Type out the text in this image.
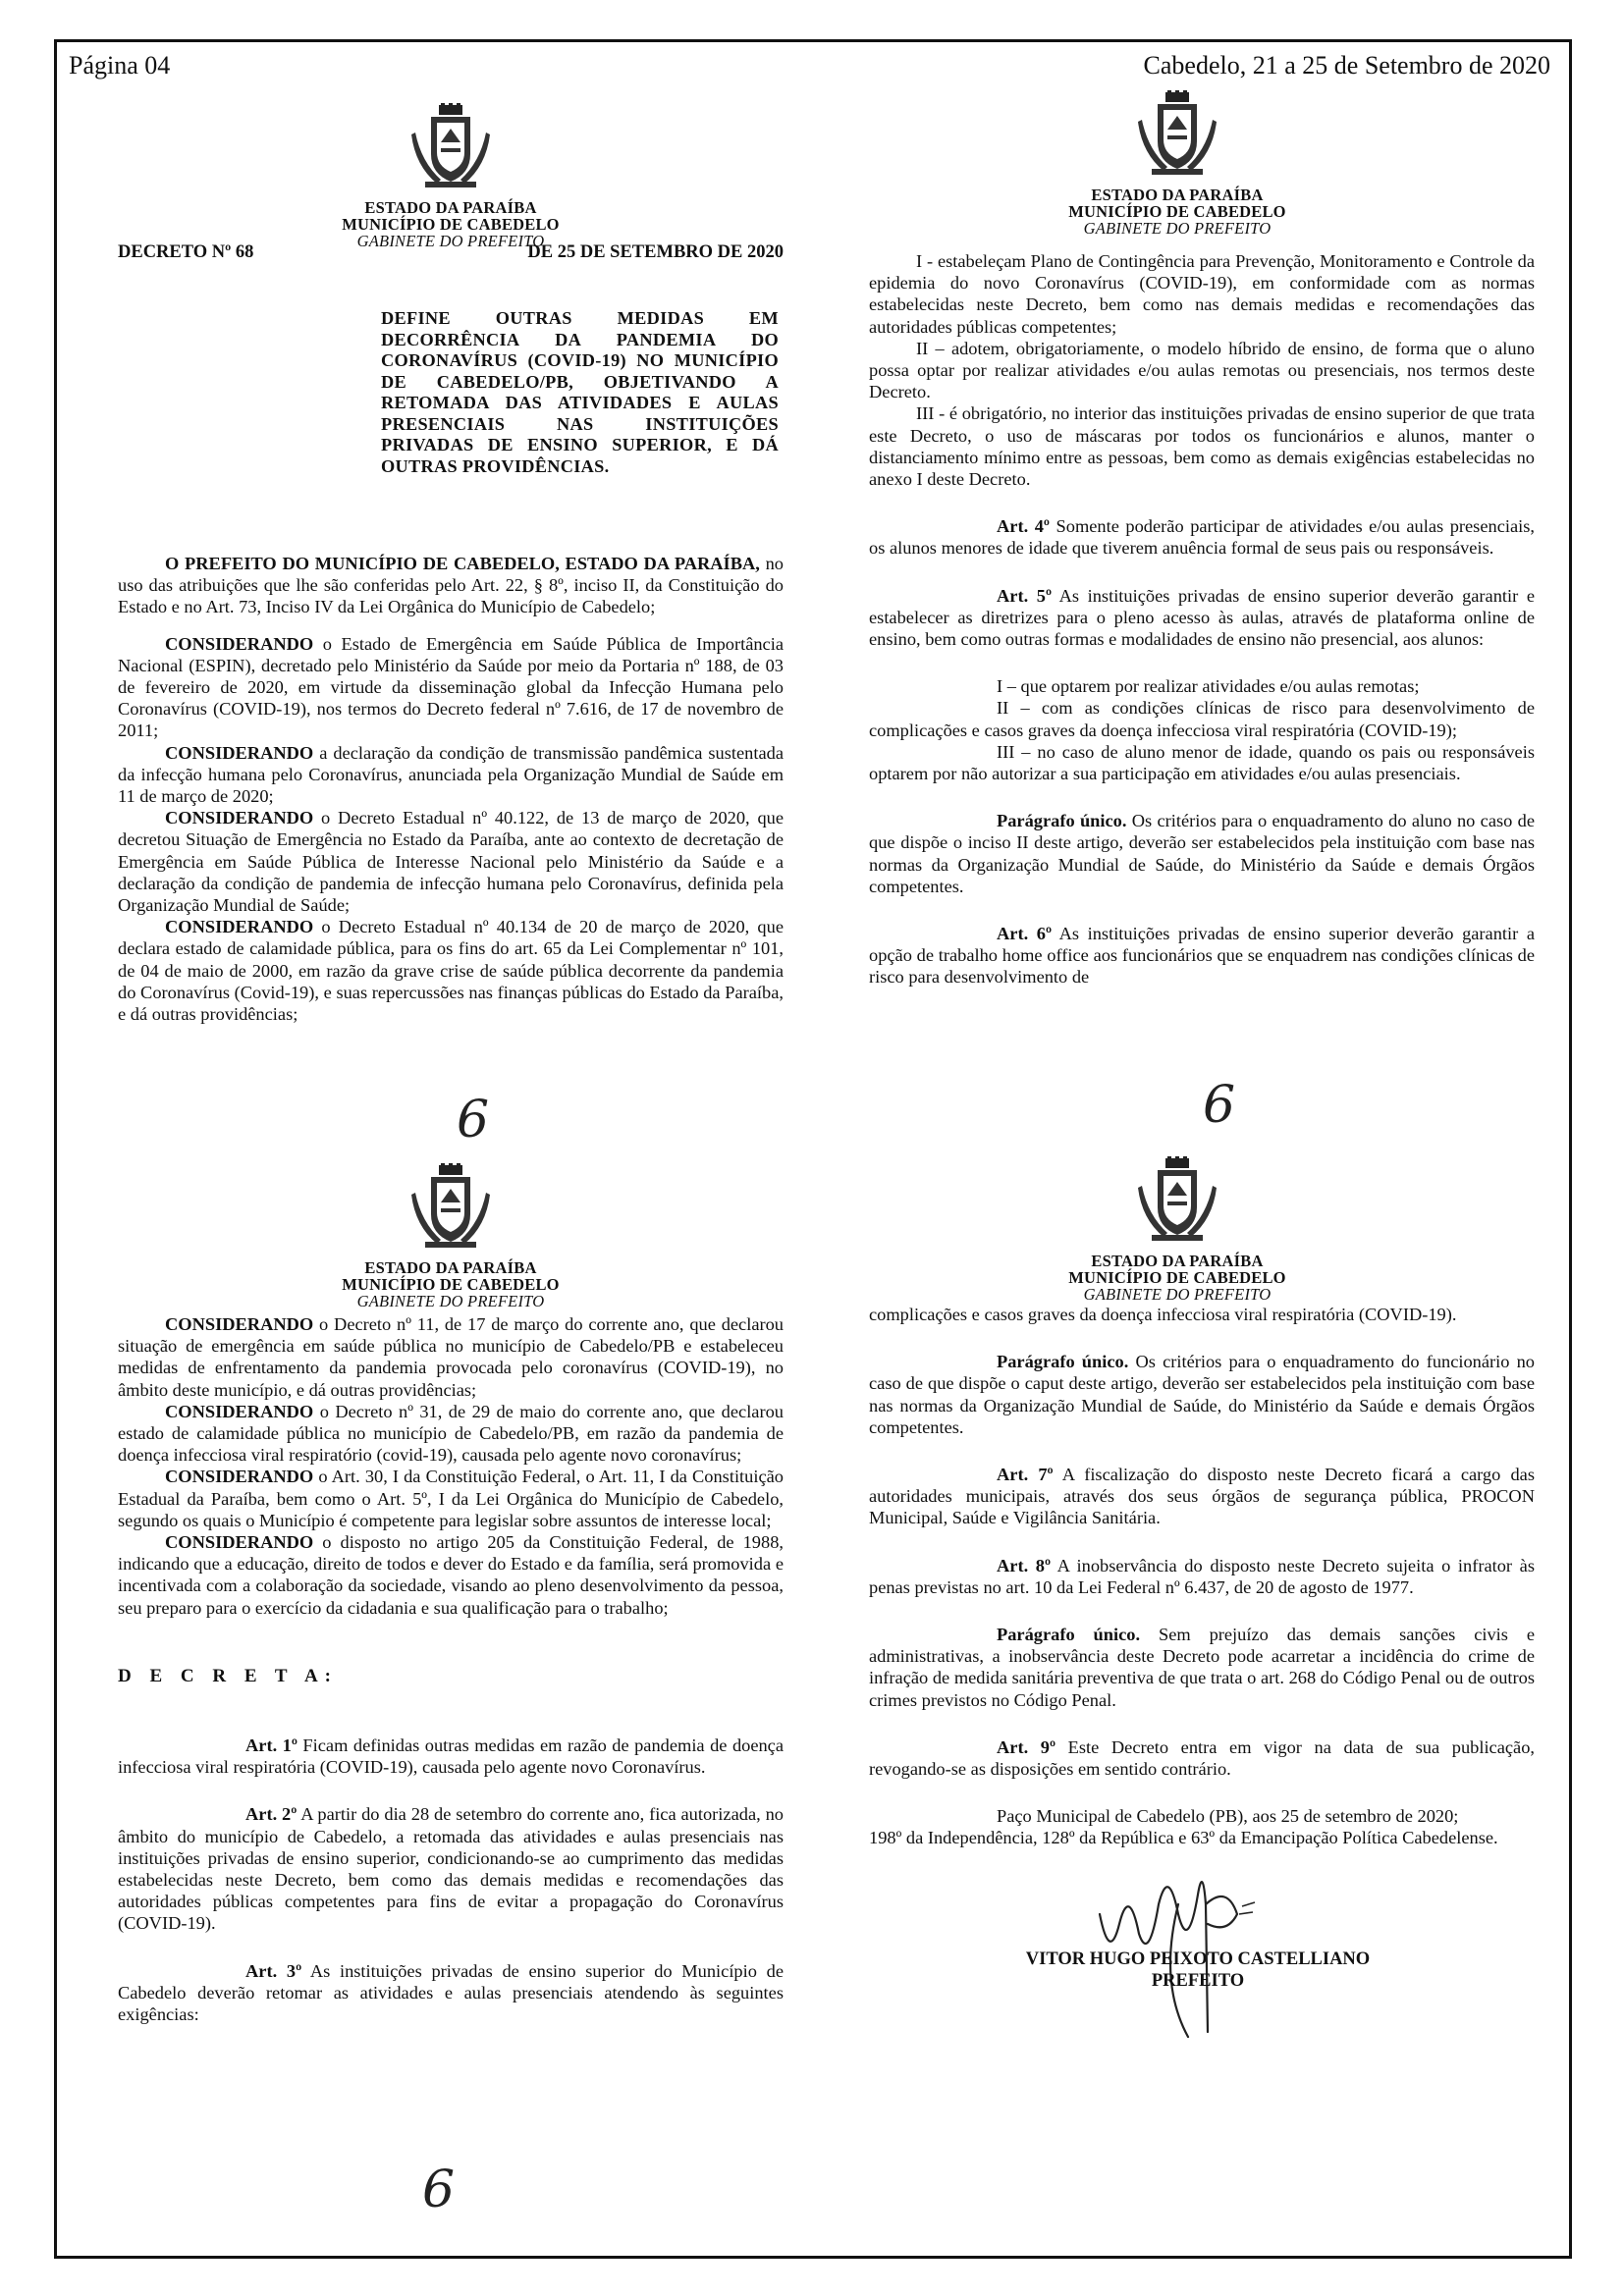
Página 04	Cabedelo, 21 a 25 de Setembro de 2020
ESTADO DA PARAÍBA
MUNICÍPIO DE CABEDELO
GABINETE DO PREFEITO
DECRETO Nº 68	DE 25 DE SETEMBRO DE 2020
DEFINE OUTRAS MEDIDAS EM DECORRÊNCIA DA PANDEMIA DO CORONAVÍRUS (COVID-19) NO MUNICÍPIO DE CABEDELO/PB, OBJETIVANDO A RETOMADA DAS ATIVIDADES E AULAS PRESENCIAIS NAS INSTITUIÇÕES PRIVADAS DE ENSINO SUPERIOR, E DÁ OUTRAS PROVIDÊNCIAS.

O PREFEITO DO MUNICÍPIO DE CABEDELO, ESTADO DA PARAÍBA, no uso das atribuições que lhe são conferidas pelo Art. 22, § 8º, inciso II, da Constituição do Estado e no Art. 73, Inciso IV da Lei Orgânica do Município de Cabedelo;

CONSIDERANDO o Estado de Emergência em Saúde Pública de Importância Nacional (ESPIN), decretado pelo Ministério da Saúde por meio da Portaria nº 188, de 03 de fevereiro de 2020, em virtude da disseminação global da Infecção Humana pelo Coronavírus (COVID-19), nos termos do Decreto federal nº 7.616, de 17 de novembro de 2011;

CONSIDERANDO a declaração da condição de transmissão pandêmica sustentada da infecção humana pelo Coronavírus, anunciada pela Organização Mundial de Saúde em 11 de março de 2020;

CONSIDERANDO o Decreto Estadual nº 40.122, de 13 de março de 2020, que decretou Situação de Emergência no Estado da Paraíba, ante ao contexto de decretação de Emergência em Saúde Pública de Interesse Nacional pelo Ministério da Saúde e a declaração da condição de pandemia de infecção humana pelo Coronavírus, definida pela Organização Mundial de Saúde;

CONSIDERANDO o Decreto Estadual nº 40.134 de 20 de março de 2020, que declara estado de calamidade pública, para os fins do art. 65 da Lei Complementar nº 101, de 04 de maio de 2000, em razão da grave crise de saúde pública decorrente da pandemia do Coronavírus (Covid-19), e suas repercussões nas finanças públicas do Estado da Paraíba, e dá outras providências;

6
ESTADO DA PARAÍBA
MUNICÍPIO DE CABEDELO
GABINETE DO PREFEITO

CONSIDERANDO o Decreto nº 11, de 17 de março do corrente ano, que declarou situação de emergência em saúde pública no município de Cabedelo/PB e estabeleceu medidas de enfrentamento da pandemia provocada pelo coronavírus (COVID-19), no âmbito deste município, e dá outras providências;

CONSIDERANDO o Decreto nº 31, de 29 de maio do corrente ano, que declarou estado de calamidade pública no município de Cabedelo/PB, em razão da pandemia de doença infecciosa viral respiratório (covid-19), causada pelo agente novo coronavírus;

CONSIDERANDO o Art. 30, I da Constituição Federal, o Art. 11, I da Constituição Estadual da Paraíba, bem como o Art. 5º, I da Lei Orgânica do Município de Cabedelo, segundo os quais o Município é competente para legislar sobre assuntos de interesse local;

CONSIDERANDO o disposto no artigo 205 da Constituição Federal, de 1988, indicando que a educação, direito de todos e dever do Estado e da família, será promovida e incentivada com a colaboração da sociedade, visando ao pleno desenvolvimento da pessoa, seu preparo para o exercício da cidadania e sua qualificação para o trabalho;

D E C R E T A:

Art. 1º Ficam definidas outras medidas em razão de pandemia de doença infecciosa viral respiratória (COVID-19), causada pelo agente novo Coronavírus.

Art. 2º A partir do dia 28 de setembro do corrente ano, fica autorizada, no âmbito do município de Cabedelo, a retomada das atividades e aulas presenciais nas instituições privadas de ensino superior, condicionando-se ao cumprimento das medidas estabelecidas neste Decreto, bem como das demais medidas e recomendações das autoridades públicas competentes para fins de evitar a propagação do Coronavírus (COVID-19).

Art. 3º As instituições privadas de ensino superior do Município de Cabedelo deverão retomar as atividades e aulas presenciais atendendo às seguintes exigências:

6
ESTADO DA PARAÍBA
MUNICÍPIO DE CABEDELO
GABINETE DO PREFEITO

I - estabeleçam Plano de Contingência para Prevenção, Monitoramento e Controle da epidemia do novo Coronavírus (COVID-19), em conformidade com as normas estabelecidas neste Decreto, bem como nas demais medidas e recomendações das autoridades públicas competentes;

II – adotem, obrigatoriamente, o modelo híbrido de ensino, de forma que o aluno possa optar por realizar atividades e/ou aulas remotas ou presenciais, nos termos deste Decreto.

III - é obrigatório, no interior das instituições privadas de ensino superior de que trata este Decreto, o uso de máscaras por todos os funcionários e alunos, manter o distanciamento mínimo entre as pessoas, bem como as demais exigências estabelecidas no anexo I deste Decreto.

Art. 4º Somente poderão participar de atividades e/ou aulas presenciais, os alunos menores de idade que tiverem anuência formal de seus pais ou responsáveis.

Art. 5º As instituições privadas de ensino superior deverão garantir e estabelecer as diretrizes para o pleno acesso às aulas, através de plataforma online de ensino, bem como outras formas e modalidades de ensino não presencial, aos alunos:

I – que optarem por realizar atividades e/ou aulas remotas;

II – com as condições clínicas de risco para desenvolvimento de complicações e casos graves da doença infecciosa viral respiratória (COVID-19);

III – no caso de aluno menor de idade, quando os pais ou responsáveis optarem por não autorizar a sua participação em atividades e/ou aulas presenciais.

Parágrafo único. Os critérios para o enquadramento do aluno no caso de que dispõe o inciso II deste artigo, deverão ser estabelecidos pela instituição com base nas normas da Organização Mundial de Saúde, do Ministério da Saúde e demais Órgãos competentes.

Art. 6º As instituições privadas de ensino superior deverão garantir a opção de trabalho home office aos funcionários que se enquadrem nas condições clínicas de risco para desenvolvimento de

6
ESTADO DA PARAÍBA
MUNICÍPIO DE CABEDELO
GABINETE DO PREFEITO

complicações e casos graves da doença infecciosa viral respiratória (COVID-19).

Parágrafo único. Os critérios para o enquadramento do funcionário no caso de que dispõe o caput deste artigo, deverão ser estabelecidos pela instituição com base nas normas da Organização Mundial de Saúde, do Ministério da Saúde e demais Órgãos competentes.

Art. 7º A fiscalização do disposto neste Decreto ficará a cargo das autoridades municipais, através dos seus órgãos de segurança pública, PROCON Municipal, Saúde e Vigilância Sanitária.

Art. 8º A inobservância do disposto neste Decreto sujeita o infrator às penas previstas no art. 10 da Lei Federal nº 6.437, de 20 de agosto de 1977.

Parágrafo único. Sem prejuízo das demais sanções civis e administrativas, a inobservância deste Decreto pode acarretar a incidência do crime de infração de medida sanitária preventiva de que trata o art. 268 do Código Penal ou de outros crimes previstos no Código Penal.

Art. 9º Este Decreto entra em vigor na data de sua publicação, revogando-se as disposições em sentido contrário.

Paço Municipal de Cabedelo (PB), aos 25 de setembro de 2020;

198º da Independência, 128º da República e 63º da Emancipação Política Cabedelense.

VITOR HUGO PEIXOTO CASTELLIANO
PREFEITO
